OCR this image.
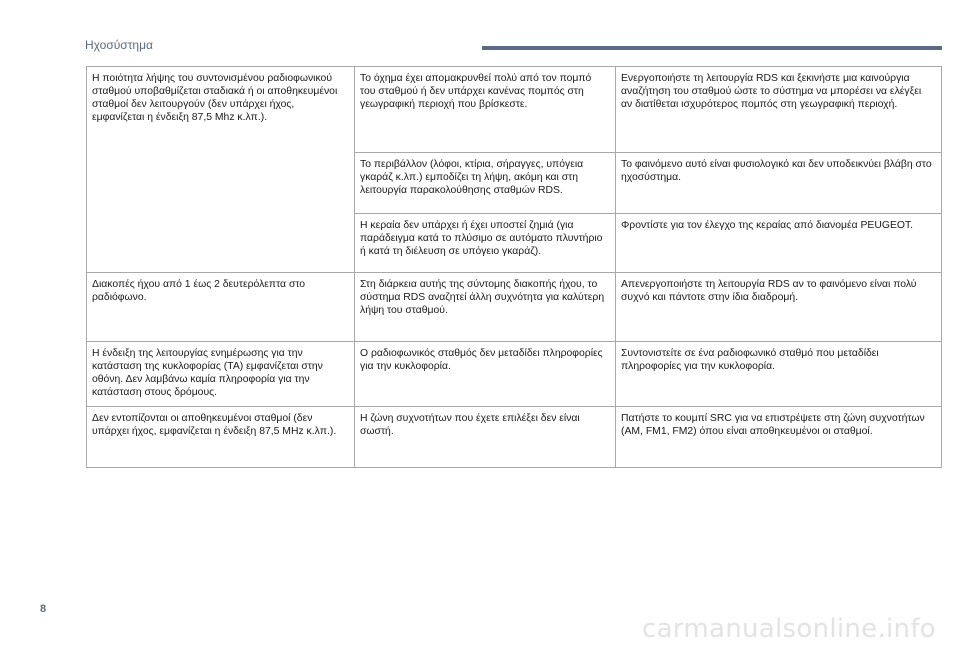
Ηχοσύστημα
Η ποιότητα λήψης του συντονισμένου ραδιοφωνικού σταθμού υποβαθμίζεται σταδιακά ή οι αποθηκευμένοι σταθμοί δεν λειτουργούν (δεν υπάρχει ήχος, εμφανίζεται η ένδειξη 87,5 Mhz κ.λπ.).	Το όχημα έχει απομακρυνθεί πολύ από τον πομπό του σταθμού ή δεν υπάρχει κανένας πομπός στη γεωγραφική περιοχή που βρίσκεστε.	Ενεργοποιήστε τη λειτουργία RDS και ξεκινήστε μια καινούργια αναζήτηση του σταθμού ώστε το σύστημα να μπορέσει να ελέγξει αν διατίθεται ισχυρότερος πομπός στη γεωγραφική περιοχή.
	Το περιβάλλον (λόφοι, κτίρια, σήραγγες, υπόγεια γκαράζ κ.λπ.) εμποδίζει τη λήψη, ακόμη και στη λειτουργία παρακολούθησης σταθμών RDS.	Το φαινόμενο αυτό είναι φυσιολογικό και δεν υποδεικνύει βλάβη στο ηχοσύστημα.
	Η κεραία δεν υπάρχει ή έχει υποστεί ζημιά (για παράδειγμα κατά το πλύσιμο σε αυτόματο πλυντήριο ή κατά τη διέλευση σε υπόγειο γκαράζ).	Φροντίστε για τον έλεγχο της κεραίας από διανομέα PEUGEOT.
Διακοπές ήχου από 1 έως 2 δευτερόλεπτα στο ραδιόφωνο.	Στη διάρκεια αυτής της σύντομης διακοπής ήχου, το σύστημα RDS αναζητεί άλλη συχνότητα για καλύτερη λήψη του σταθμού.	Απενεργοποιήστε τη λειτουργία RDS αν το φαινόμενο είναι πολύ συχνό και πάντοτε στην ίδια διαδρομή.
Η ένδειξη της λειτουργίας ενημέρωσης για την κατάσταση της κυκλοφορίας (TA) εμφανίζεται στην οθόνη. Δεν λαμβάνω καμία πληροφορία για την κατάσταση στους δρόμους.	Ο ραδιοφωνικός σταθμός δεν μεταδίδει πληροφορίες για την κυκλοφορία.	Συντονιστείτε σε ένα ραδιοφωνικό σταθμό που μεταδίδει πληροφορίες για την κυκλοφορία.
Δεν εντοπίζονται οι αποθηκευμένοι σταθμοί (δεν υπάρχει ήχος, εμφανίζεται η ένδειξη 87,5 MHz κ.λπ.).	Η ζώνη συχνοτήτων που έχετε επιλέξει δεν είναι σωστή.	Πατήστε το κουμπί SRC για να επιστρέψετε στη ζώνη συχνοτήτων (AM, FM1, FM2) όπου είναι αποθηκευμένοι οι σταθμοί.
8
carmanualsonline.info
